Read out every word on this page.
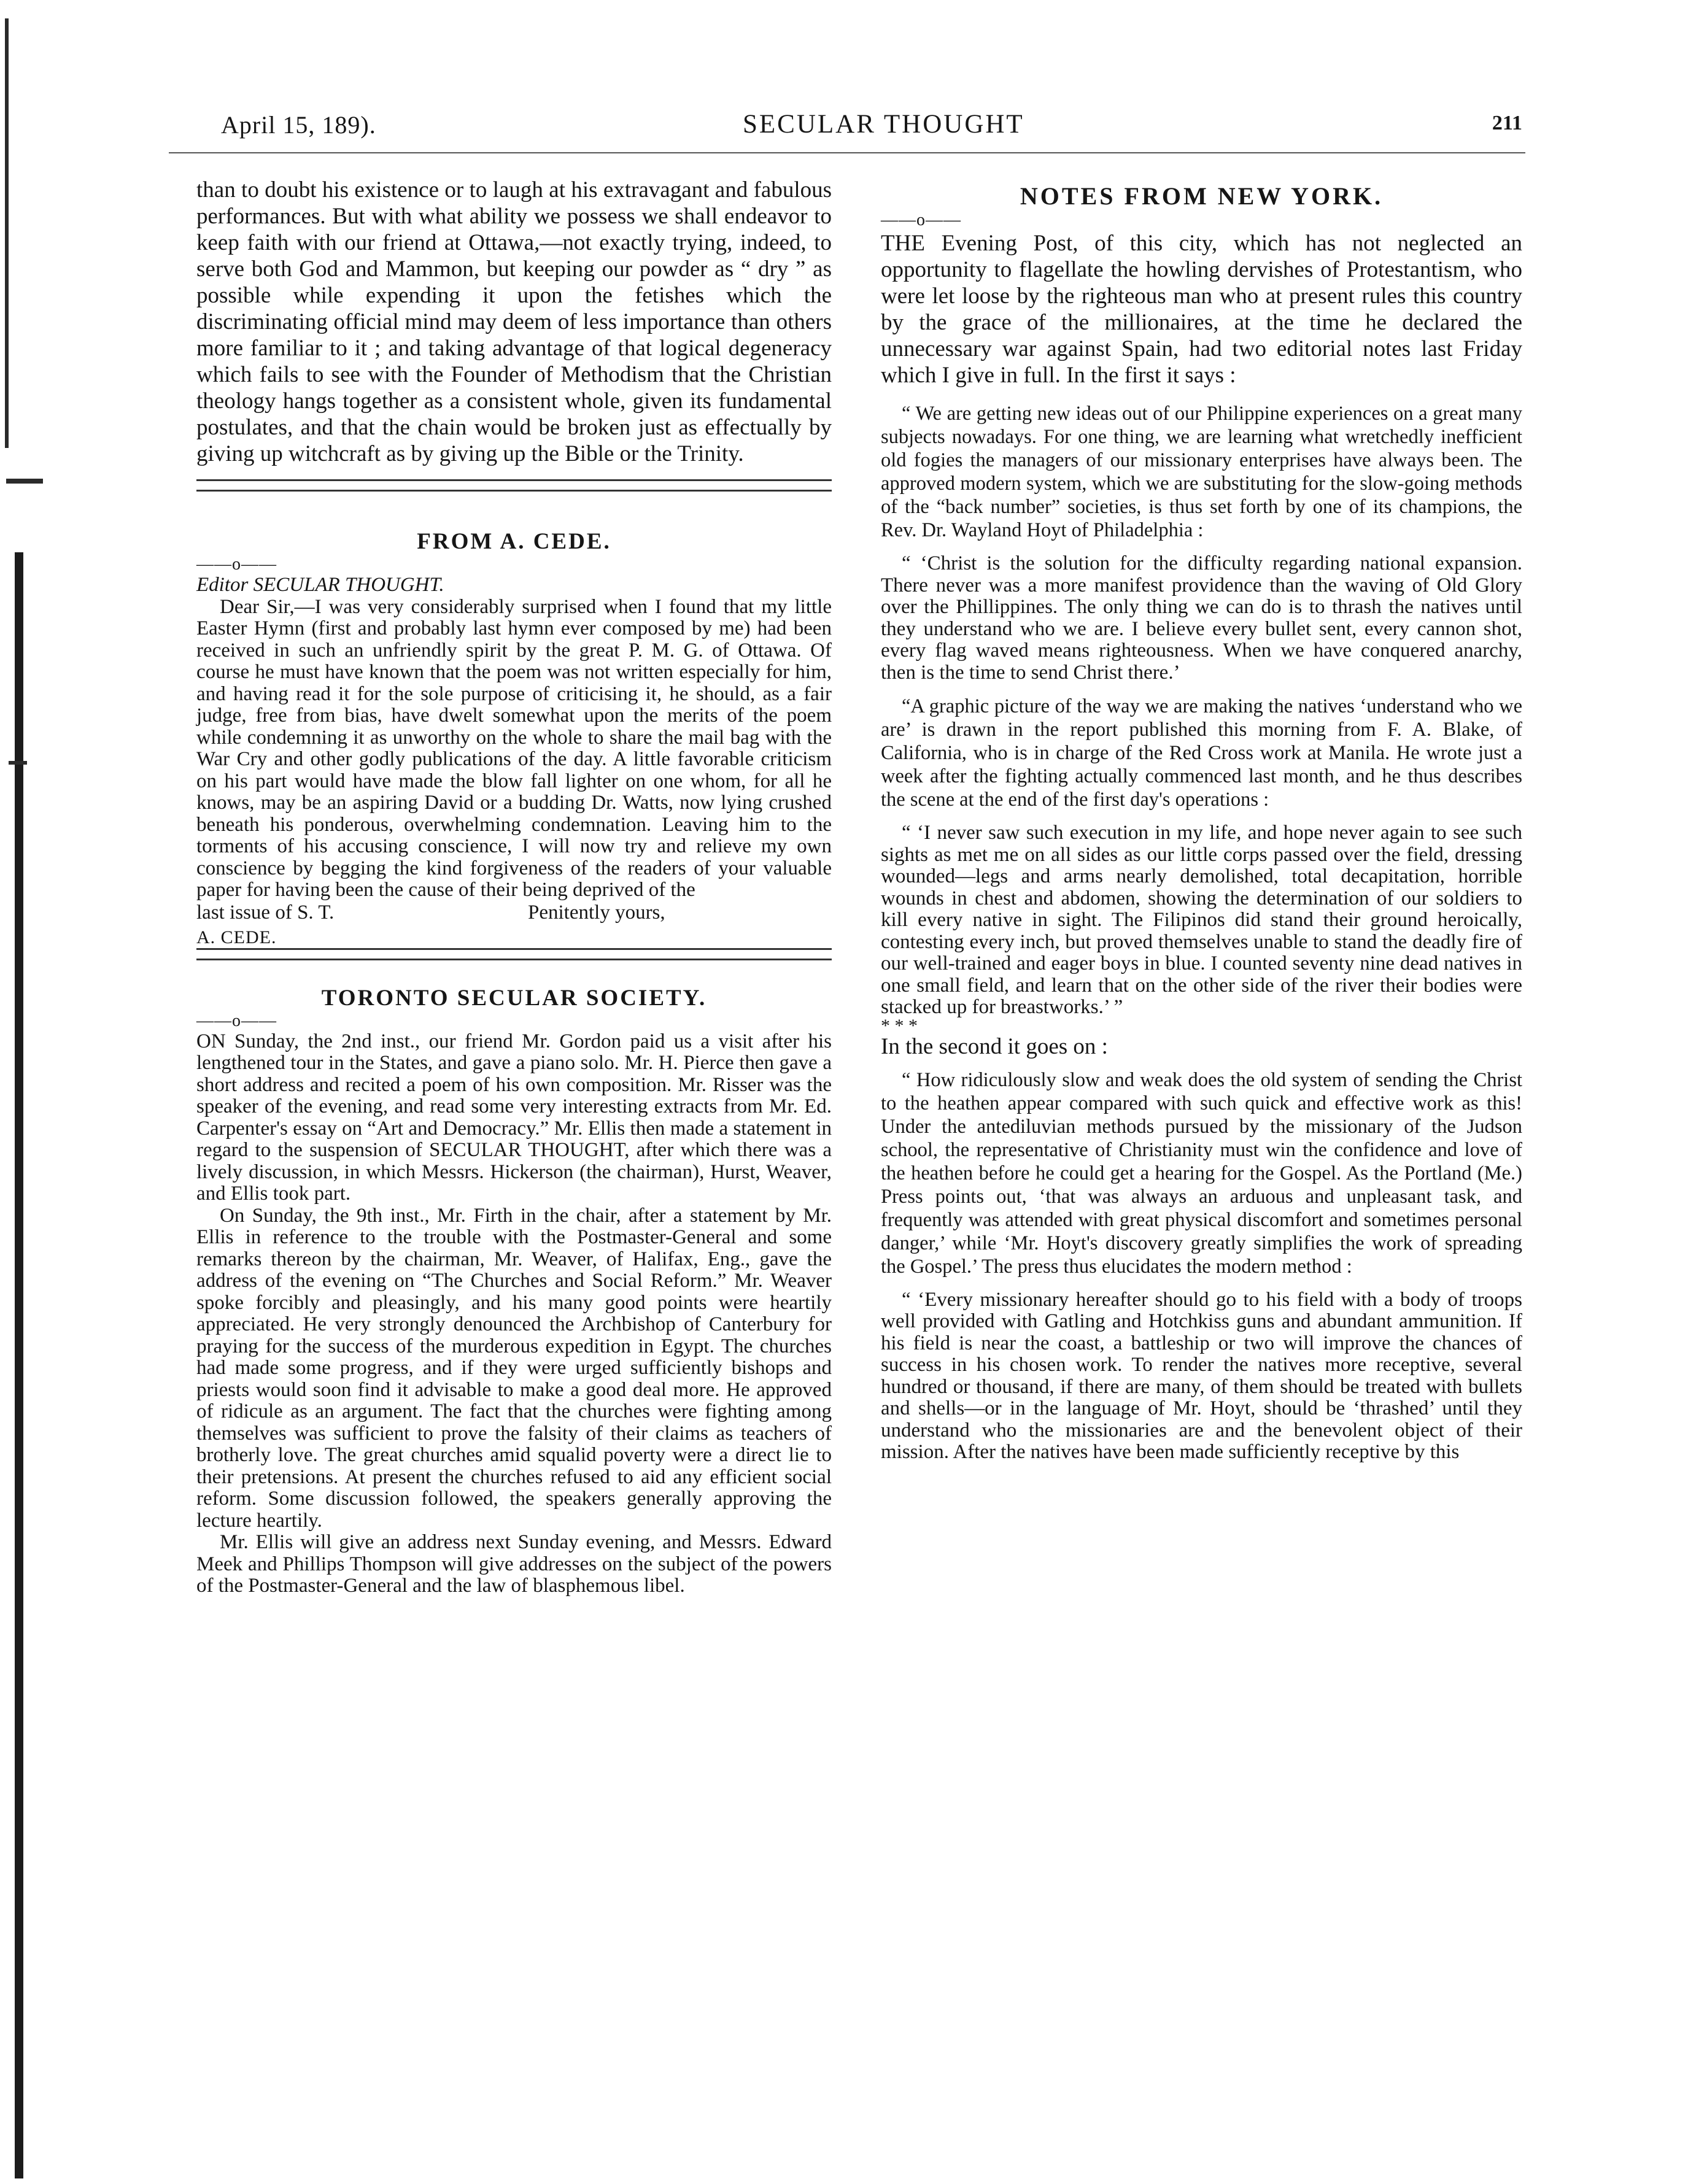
April 15, 189).	SECULAR THOUGHT	211

than to doubt his existence or to laugh at his extravagant and fabulous performances. But with what ability we possess we shall endeavor to keep faith with our friend at Ottawa,—not exactly trying, indeed, to serve both God and Mammon, but keeping our powder as “ dry ” as possible while expending it upon the fetishes which the discriminating official mind may deem of less importance than others more familiar to it ; and taking advantage of that logical degeneracy which fails to see with the Founder of Methodism that the Christian theology hangs together as a consistent whole, given its fundamental postulates, and that the chain would be broken just as effectually by giving up witchcraft as by giving up the Bible or the Trinity.

FROM A. CEDE.

——o——

Editor SECULAR THOUGHT.

Dear Sir,—I was very considerably surprised when I found that my little Easter Hymn (first and probably last hymn ever composed by me) had been received in such an unfriendly spirit by the great P. M. G. of Ottawa. Of course he must have known that the poem was not written especially for him, and having read it for the sole purpose of criticising it, he should, as a fair judge, free from bias, have dwelt somewhat upon the merits of the poem while condemning it as unworthy on the whole to share the mail bag with the War Cry and other godly publications of the day. A little favorable criticism on his part would have made the blow fall lighter on one whom, for all he knows, may be an aspiring David or a budding Dr. Watts, now lying crushed beneath his ponderous, overwhelming condemnation. Leaving him to the torments of his accusing conscience, I will now try and relieve my own conscience by begging the kind forgiveness of the readers of your valuable paper for having been the cause of their being deprived of the

last issue of S. T.	Penitently yours,

A. CEDE.

TORONTO SECULAR SOCIETY.

——o——

ON Sunday, the 2nd inst., our friend Mr. Gordon paid us a visit after his lengthened tour in the States, and gave a piano solo. Mr. H. Pierce then gave a short address and recited a poem of his own composition. Mr. Risser was the speaker of the evening, and read some very interesting extracts from Mr. Ed. Carpenter's essay on “Art and Democracy.” Mr. Ellis then made a statement in regard to the suspension of SECULAR THOUGHT, after which there was a lively discussion, in which Messrs. Hickerson (the chairman), Hurst, Weaver, and Ellis took part.

On Sunday, the 9th inst., Mr. Firth in the chair, after a statement by Mr. Ellis in reference to the trouble with the Postmaster-General and some remarks thereon by the chairman, Mr. Weaver, of Halifax, Eng., gave the address of the evening on “The Churches and Social Reform.” Mr. Weaver spoke forcibly and pleasingly, and his many good points were heartily appreciated. He very strongly denounced the Archbishop of Canterbury for praying for the success of the murderous expedition in Egypt. The churches had made some progress, and if they were urged sufficiently bishops and priests would soon find it advisable to make a good deal more. He approved of ridicule as an argument. The fact that the churches were fighting among themselves was sufficient to prove the falsity of their claims as teachers of brotherly love. The great churches amid squalid poverty were a direct lie to their pretensions. At present the churches refused to aid any efficient social reform. Some discussion followed, the speakers generally approving the lecture heartily.

Mr. Ellis will give an address next Sunday evening, and Messrs. Edward Meek and Phillips Thompson will give addresses on the subject of the powers of the Postmaster-General and the law of blasphemous libel.

NOTES FROM NEW YORK.

——o——

THE Evening Post, of this city, which has not neglected an opportunity to flagellate the howling dervishes of Protestantism, who were let loose by the righteous man who at present rules this country by the grace of the millionaires, at the time he declared the unnecessary war against Spain, had two editorial notes last Friday which I give in full. In the first it says :

“ We are getting new ideas out of our Philippine experiences on a great many subjects nowadays. For one thing, we are learning what wretchedly inefficient old fogies the managers of our missionary enterprises have always been. The approved modern system, which we are substituting for the slow-going methods of the “back number” societies, is thus set forth by one of its champions, the Rev. Dr. Wayland Hoyt of Philadelphia :

“ ‘Christ is the solution for the difficulty regarding national expansion. There never was a more manifest providence than the waving of Old Glory over the Phillippines. The only thing we can do is to thrash the natives until they understand who we are. I believe every bullet sent, every cannon shot, every flag waved means righteousness. When we have conquered anarchy, then is the time to send Christ there.’

“A graphic picture of the way we are making the natives ‘understand who we are’ is drawn in the report published this morning from F. A. Blake, of California, who is in charge of the Red Cross work at Manila. He wrote just a week after the fighting actually commenced last month, and he thus describes the scene at the end of the first day's operations :

“ ‘I never saw such execution in my life, and hope never again to see such sights as met me on all sides as our little corps passed over the field, dressing wounded—legs and arms nearly demolished, total decapitation, horrible wounds in chest and abdomen, showing the determination of our soldiers to kill every native in sight. The Filipinos did stand their ground heroically, contesting every inch, but proved themselves unable to stand the deadly fire of our well-trained and eager boys in blue. I counted seventy nine dead natives in one small field, and learn that on the other side of the river their bodies were stacked up for breastworks.’ ”

* * *

In the second it goes on :

“ How ridiculously slow and weak does the old system of sending the Christ to the heathen appear compared with such quick and effective work as this! Under the antediluvian methods pursued by the missionary of the Judson school, the representative of Christianity must win the confidence and love of the heathen before he could get a hearing for the Gospel. As the Portland (Me.) Press points out, ‘that was always an arduous and unpleasant task, and frequently was attended with great physical discomfort and sometimes personal danger,’ while ‘Mr. Hoyt's discovery greatly simplifies the work of spreading the Gospel.’ The press thus elucidates the modern method :

“ ‘Every missionary hereafter should go to his field with a body of troops well provided with Gatling and Hotchkiss guns and abundant ammunition. If his field is near the coast, a battleship or two will improve the chances of success in his chosen work. To render the natives more receptive, several hundred or thousand, if there are many, of them should be treated with bullets and shells—or in the language of Mr. Hoyt, should be ‘thrashed’ until they understand who the missionaries are and the benevolent object of their mission. After the natives have been made sufficiently receptive by this
